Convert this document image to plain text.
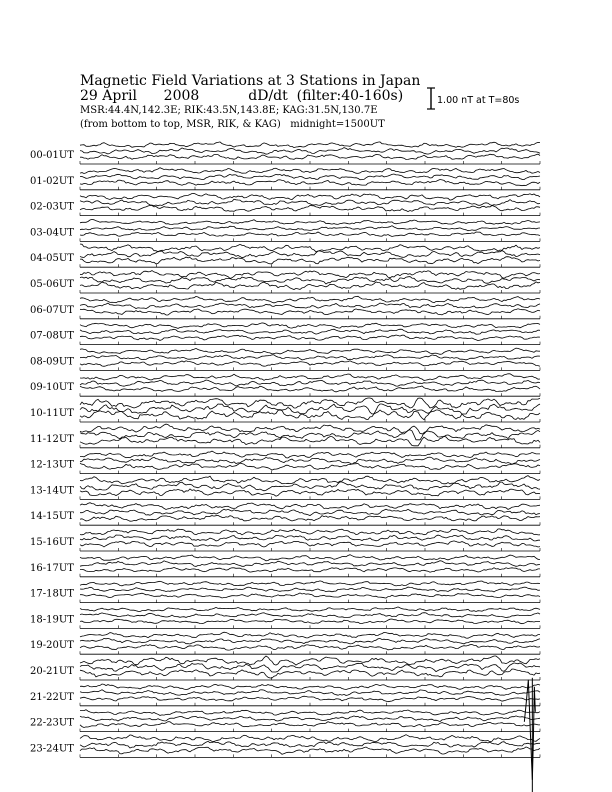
Magnetic Field Variations at 3 Stations in Japan
29 April      2008           dD/dt  (filter:40-160s)
MSR:44.4N,142.3E; RIK:43.5N,143.8E; KAG:31.5N,130.7E
(from bottom to top, MSR, RIK, & KAG)   midnight=1500UT
1.00 nT at T=80s
00-01UT
01-02UT
02-03UT
03-04UT
04-05UT
05-06UT
06-07UT
07-08UT
08-09UT
09-10UT
10-11UT
11-12UT
12-13UT
13-14UT
14-15UT
15-16UT
16-17UT
17-18UT
18-19UT
19-20UT
20-21UT
21-22UT
22-23UT
23-24UT
